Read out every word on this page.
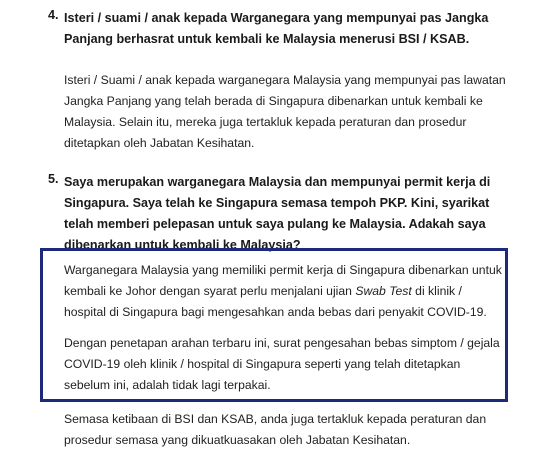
4. Isteri / suami / anak kepada Warganegara yang mempunyai pas Jangka Panjang berhasrat untuk kembali ke Malaysia menerusi BSI / KSAB.
Isteri / Suami / anak kepada warganegara Malaysia yang mempunyai pas lawatan Jangka Panjang yang telah berada di Singapura dibenarkan untuk kembali ke Malaysia. Selain itu, mereka juga tertakluk kepada peraturan dan prosedur ditetapkan oleh Jabatan Kesihatan.
5. Saya merupakan warganegara Malaysia dan mempunyai permit kerja di Singapura. Saya telah ke Singapura semasa tempoh PKP. Kini, syarikat telah memberi pelepasan untuk saya pulang ke Malaysia. Adakah saya dibenarkan untuk kembali ke Malaysia?
Warganegara Malaysia yang memiliki permit kerja di Singapura dibenarkan untuk kembali ke Johor dengan syarat perlu menjalani ujian Swab Test di klinik / hospital di Singapura bagi mengesahkan anda bebas dari penyakit COVID-19.
Dengan penetapan arahan terbaru ini, surat pengesahan bebas simptom / gejala COVID-19 oleh klinik / hospital di Singapura seperti yang telah ditetapkan sebelum ini, adalah tidak lagi terpakai.
Semasa ketibaan di BSI dan KSAB, anda juga tertakluk kepada peraturan dan prosedur semasa yang dikuatkuasakan oleh Jabatan Kesihatan.
